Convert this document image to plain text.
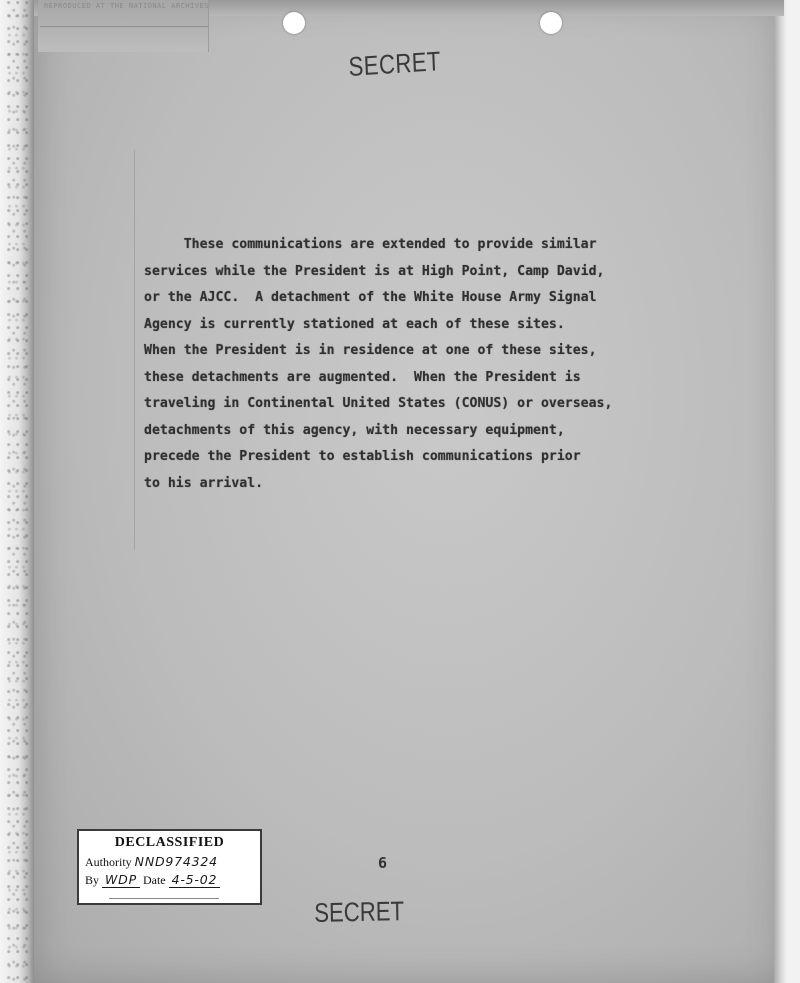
REPRODUCED AT THE NATIONAL ARCHIVES
SECRET
These communications are extended to provide similar
services while the President is at High Point, Camp David,
or the AJCC.  A detachment of the White House Army Signal
Agency is currently stationed at each of these sites.
When the President is in residence at one of these sites,
these detachments are augmented.  When the President is
traveling in Continental United States (CONUS) or overseas,
detachments of this agency, with necessary equipment,
precede the President to establish communications prior
to his arrival.
6
DECLASSIFIED
Authority NND974324
By WDP Date 4-5-02
SECRET
